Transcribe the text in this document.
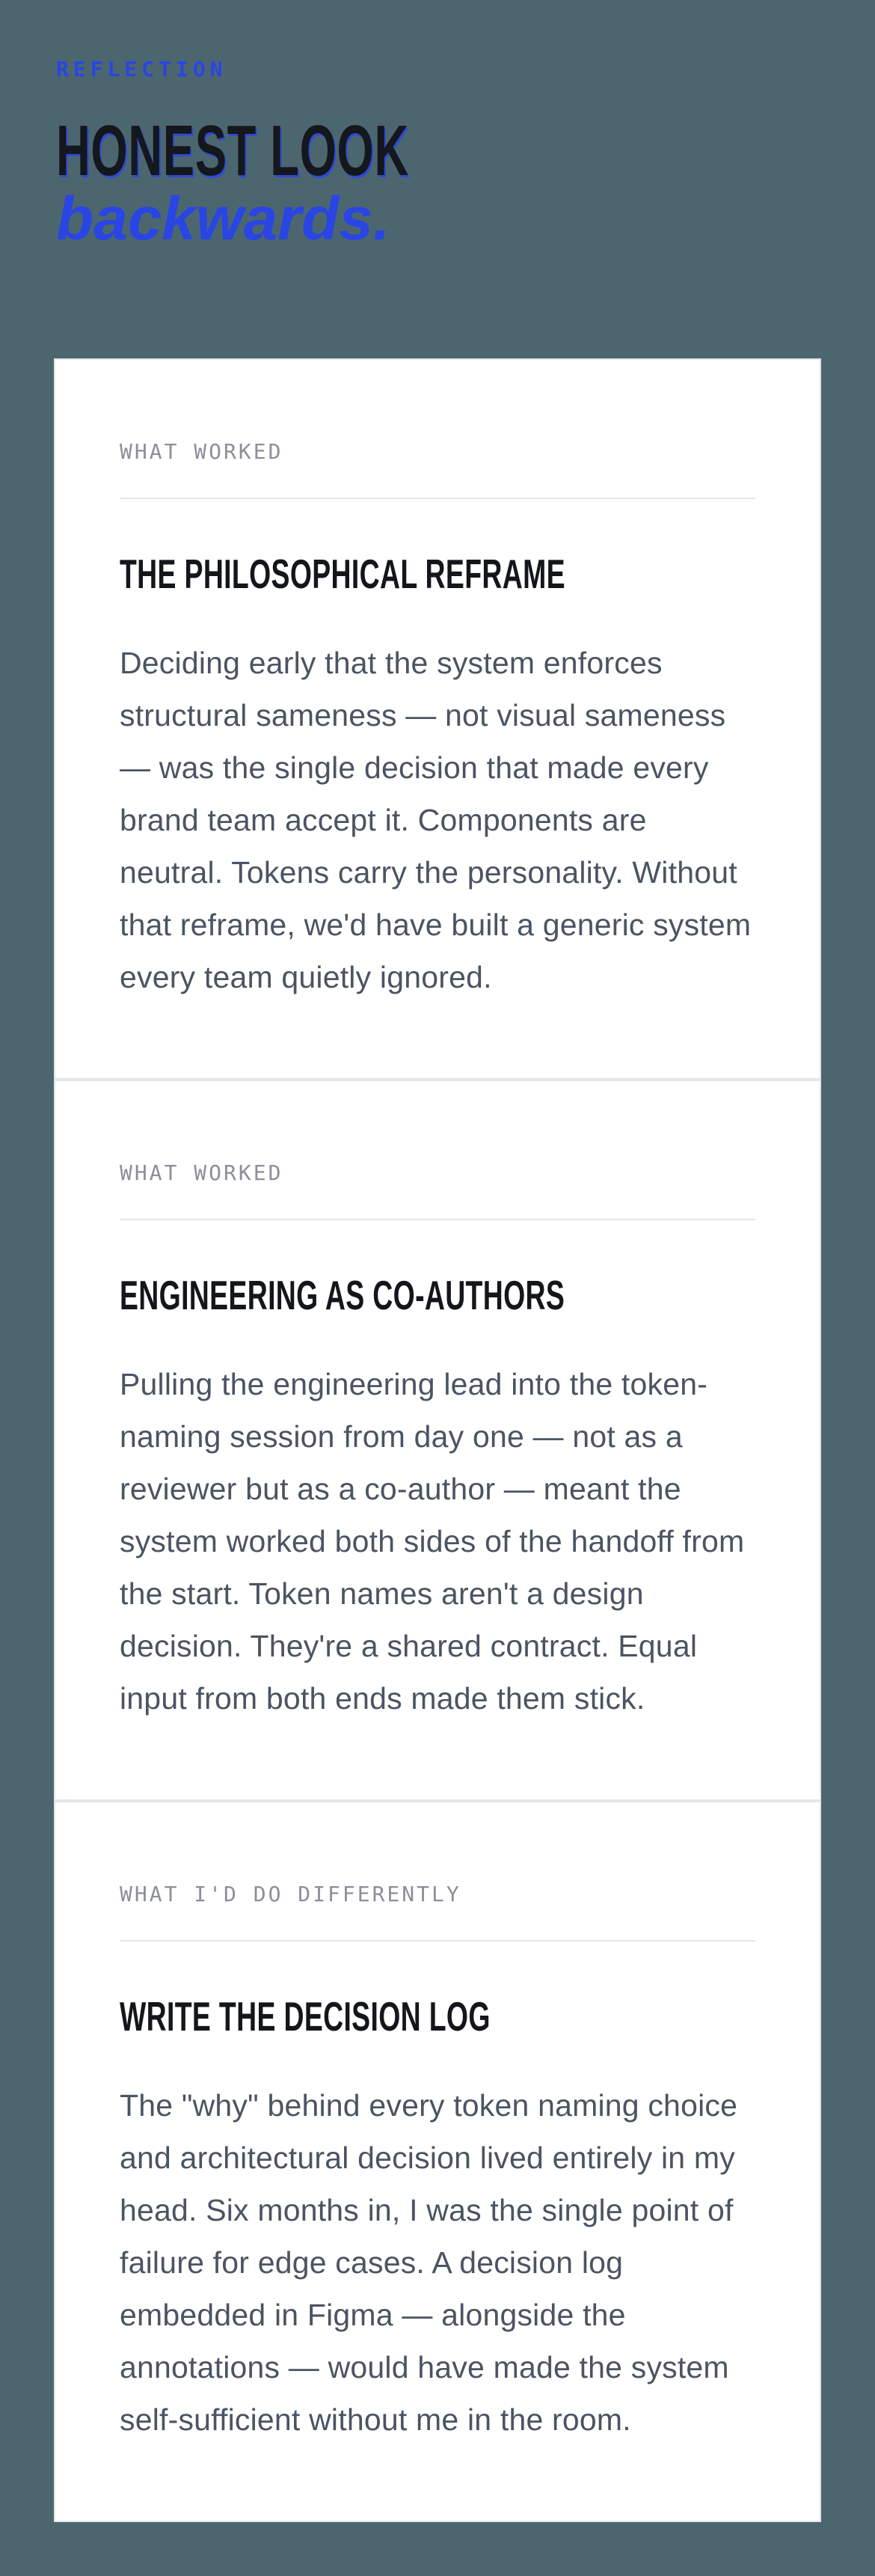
REFLECTION
HONEST LOOK
backwards.
WHAT WORKED
THE PHILOSOPHICAL REFRAME
Deciding early that the system enforces structural sameness — not visual sameness — was the single decision that made every brand team accept it. Components are neutral. Tokens carry the personality. Without that reframe, we'd have built a generic system every team quietly ignored.
WHAT WORKED
ENGINEERING AS CO-AUTHORS
Pulling the engineering lead into the token-naming session from day one — not as a reviewer but as a co-author — meant the system worked both sides of the handoff from the start. Token names aren't a design decision. They're a shared contract. Equal input from both ends made them stick.
WHAT I'D DO DIFFERENTLY
WRITE THE DECISION LOG
The "why" behind every token naming choice and architectural decision lived entirely in my head. Six months in, I was the single point of failure for edge cases. A decision log embedded in Figma — alongside the annotations — would have made the system self-sufficient without me in the room.
